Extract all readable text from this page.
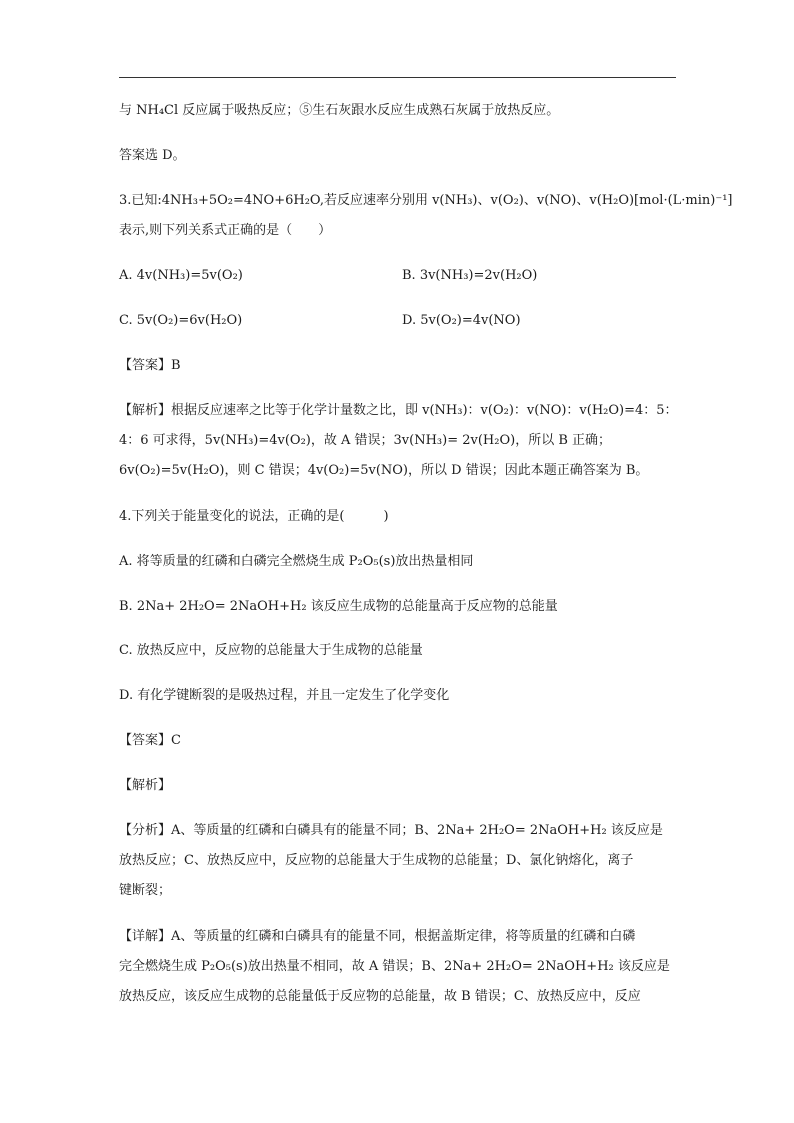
与 NH₄Cl 反应属于吸热反应；⑤生石灰跟水反应生成熟石灰属于放热反应。
答案选 D。
3.已知:4NH₃+5O₂=4NO+6H₂O,若反应速率分别用 v(NH₃)、v(O₂)、v(NO)、v(H₂O)[mol·(L·min)⁻¹]
表示,则下列关系式正确的是（　　）
A. 4v(NH₃)=5v(O₂)	B. 3v(NH₃)=2v(H₂O)
C. 5v(O₂)=6v(H₂O)	D. 5v(O₂)=4v(NO)
【答案】B
【解析】根据反应速率之比等于化学计量数之比，即 v(NH₃)：v(O₂)：v(NO)：v(H₂O)=4：5：
4：6 可求得，5v(NH₃)=4v(O₂)，故 A 错误；3v(NH₃)= 2v(H₂O)，所以 B 正确；
6v(O₂)=5v(H₂O)，则 C 错误；4v(O₂)=5v(NO)，所以 D 错误；因此本题正确答案为 B。
4.下列关于能量变化的说法，正确的是(　　　)
A. 将等质量的红磷和白磷完全燃烧生成 P₂O₅(s)放出热量相同
B. 2Na+ 2H₂O= 2NaOH+H₂ 该反应生成物的总能量高于反应物的总能量
C. 放热反应中，反应物的总能量大于生成物的总能量
D. 有化学键断裂的是吸热过程，并且一定发生了化学变化
【答案】C
【解析】
【分析】A、等质量的红磷和白磷具有的能量不同；B、2Na+ 2H₂O= 2NaOH+H₂ 该反应是
放热反应；C、放热反应中，反应物的总能量大于生成物的总能量；D、氯化钠熔化，离子
键断裂；
【详解】A、等质量的红磷和白磷具有的能量不同，根据盖斯定律，将等质量的红磷和白磷
完全燃烧生成 P₂O₅(s)放出热量不相同，故 A 错误；B、2Na+ 2H₂O= 2NaOH+H₂ 该反应是
放热反应，该反应生成物的总能量低于反应物的总能量，故 B 错误；C、放热反应中，反应
